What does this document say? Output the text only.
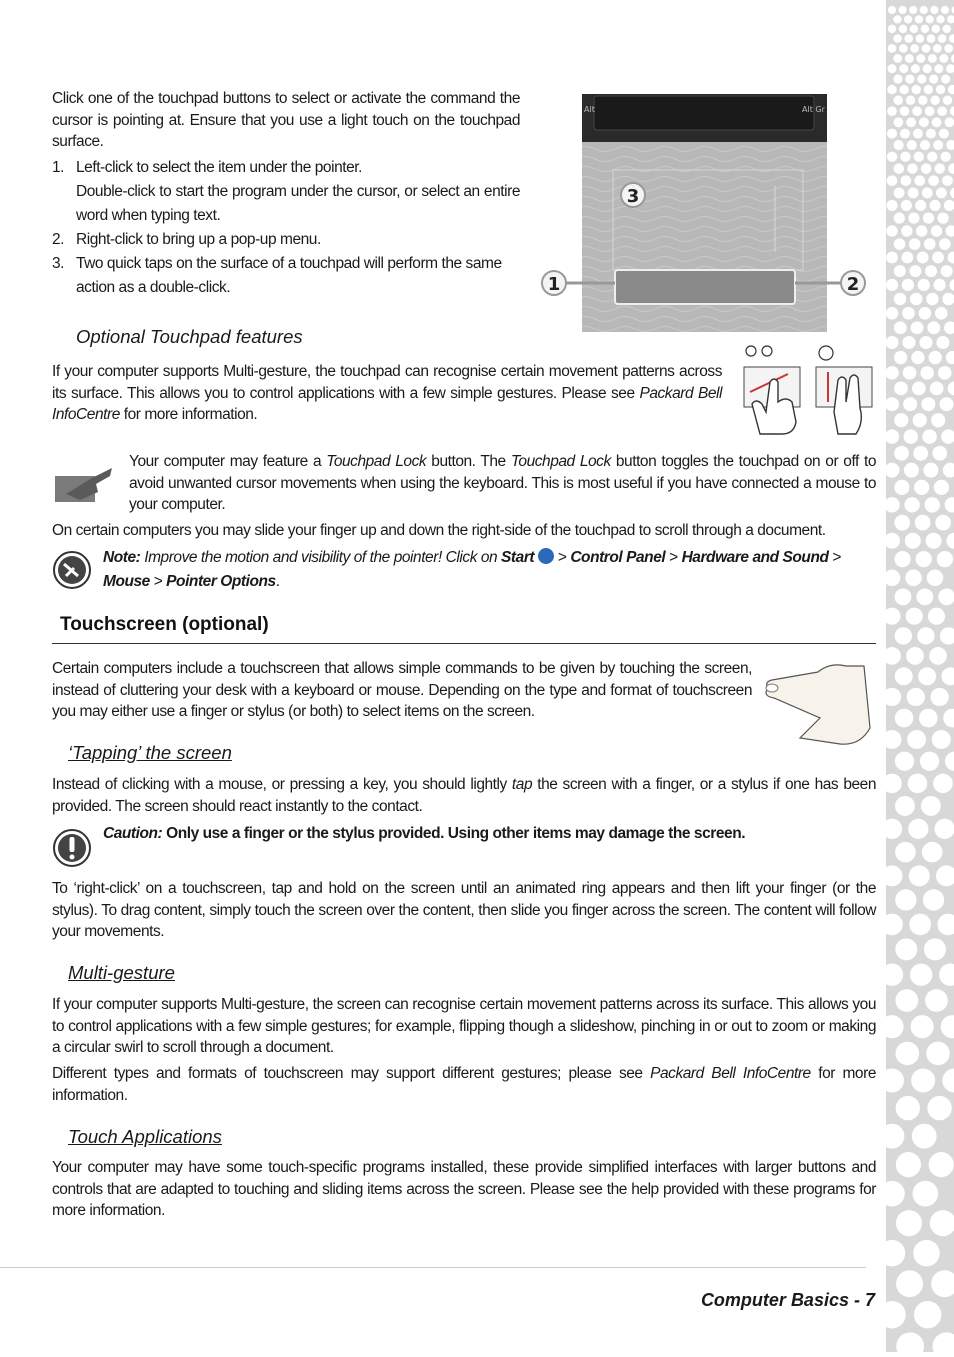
Click one of the touchpad buttons to select or activate the command the cursor is pointing at. Ensure that you use a light touch on the touchpad surface.

1. Left-click to select the item under the pointer.
Double-click to start the program under the cursor, or select an entire word when typing text.
2. Right-click to bring up a pop-up menu.
3. Two quick taps on the surface of a touchpad will perform the same action as a double-click.
Alt	Alt Gr
1	2
3
Optional Touchpad features

If your computer supports Multi-gesture, the touchpad can recognise certain movement patterns across its surface. This allows you to control applications with a few simple gestures. Please see Packard Bell InfoCentre for more information.

Your computer may feature a Touchpad Lock button. The Touchpad Lock button toggles the touchpad on or off to avoid unwanted cursor movements when using the keyboard. This is most useful if you have connected a mouse to your computer.

On certain computers you may slide your finger up and down the right-side of the touchpad to scroll through a document.

Note: Improve the motion and visibility of the pointer! Click on Start  > Control Panel > Hardware and Sound > Mouse > Pointer Options.

Touchscreen (optional)

Certain computers include a touchscreen that allows simple commands to be given by touching the screen, instead of cluttering your desk with a keyboard or mouse. Depending on the type and format of touchscreen you may either use a finger or stylus (or both) to select items on the screen.

‘Tapping’ the screen

Instead of clicking with a mouse, or pressing a key, you should lightly tap the screen with a finger, or a stylus if one has been provided. The screen should react instantly to the contact.

Caution: Only use a finger or the stylus provided. Using other items may damage the screen.

To ‘right-click’ on a touchscreen, tap and hold on the screen until an animated ring appears and then lift your finger (or the stylus). To drag content, simply touch the screen over the content, then slide you finger across the screen. The content will follow your movements.

Multi-gesture

If your computer supports Multi-gesture, the screen can recognise certain movement patterns across its surface. This allows you to control applications with a few simple gestures; for example, flipping though a slideshow, pinching in or out to zoom or making a circular swirl to scroll through a document.

Different types and formats of touchscreen may support different gestures; please see Packard Bell InfoCentre for more information.

Touch Applications

Your computer may have some touch-specific programs installed, these provide simplified interfaces with larger buttons and controls that are adapted to touching and sliding items across the screen. Please see the help provided with these programs for more information.

Computer Basics - 7
